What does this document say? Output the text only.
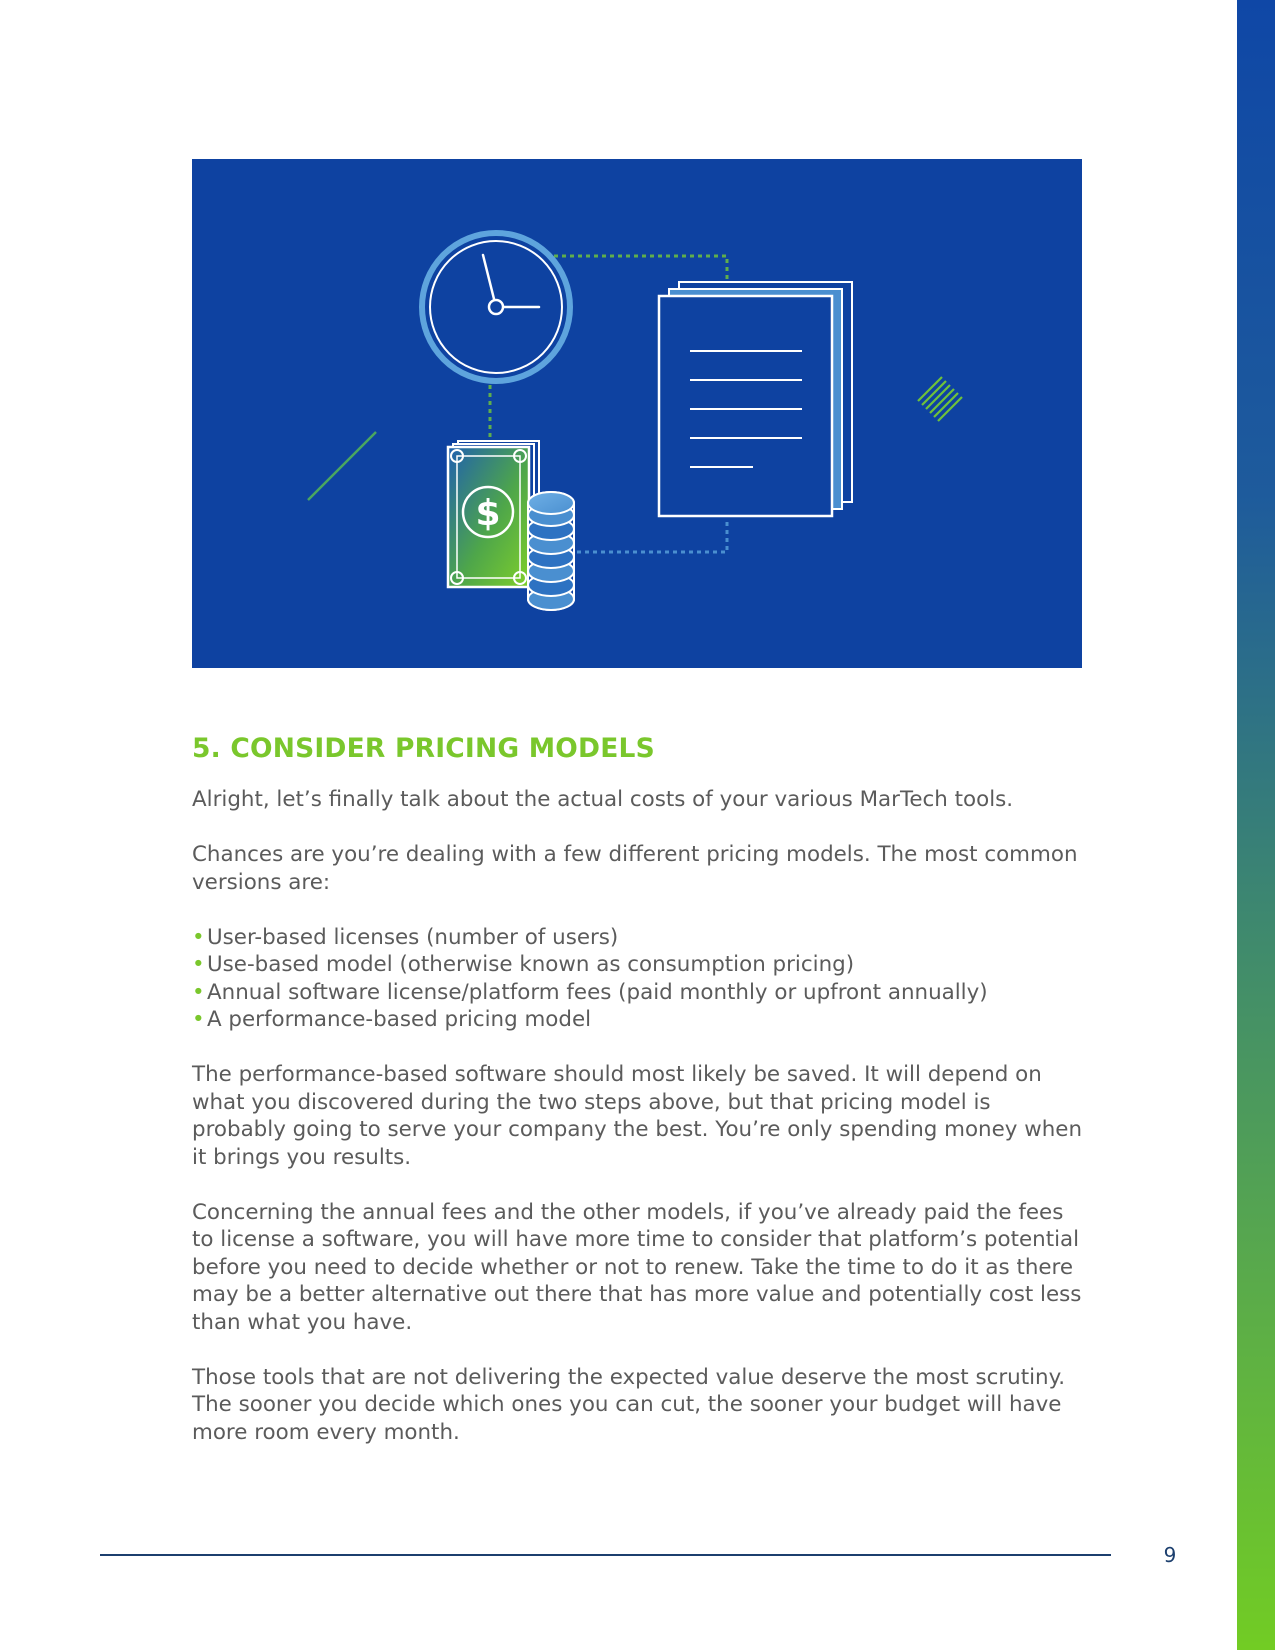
$
5. CONSIDER PRICING MODELS

Alright, let’s finally talk about the actual costs of your various MarTech tools.

Chances are you’re dealing with a few different pricing models. The most common versions are:

• User-based licenses (number of users)
• Use-based model (otherwise known as consumption pricing)
• Annual software license/platform fees (paid monthly or upfront annually)
• A performance-based pricing model

The performance-based software should most likely be saved. It will depend on what you discovered during the two steps above, but that pricing model is probably going to serve your company the best. You’re only spending money when it brings you results.

Concerning the annual fees and the other models, if you’ve already paid the fees to license a software, you will have more time to consider that platform’s potential before you need to decide whether or not to renew. Take the time to do it as there may be a better alternative out there that has more value and potentially cost less than what you have.

Those tools that are not delivering the expected value deserve the most scrutiny. The sooner you decide which ones you can cut, the sooner your budget will have more room every month.

9
